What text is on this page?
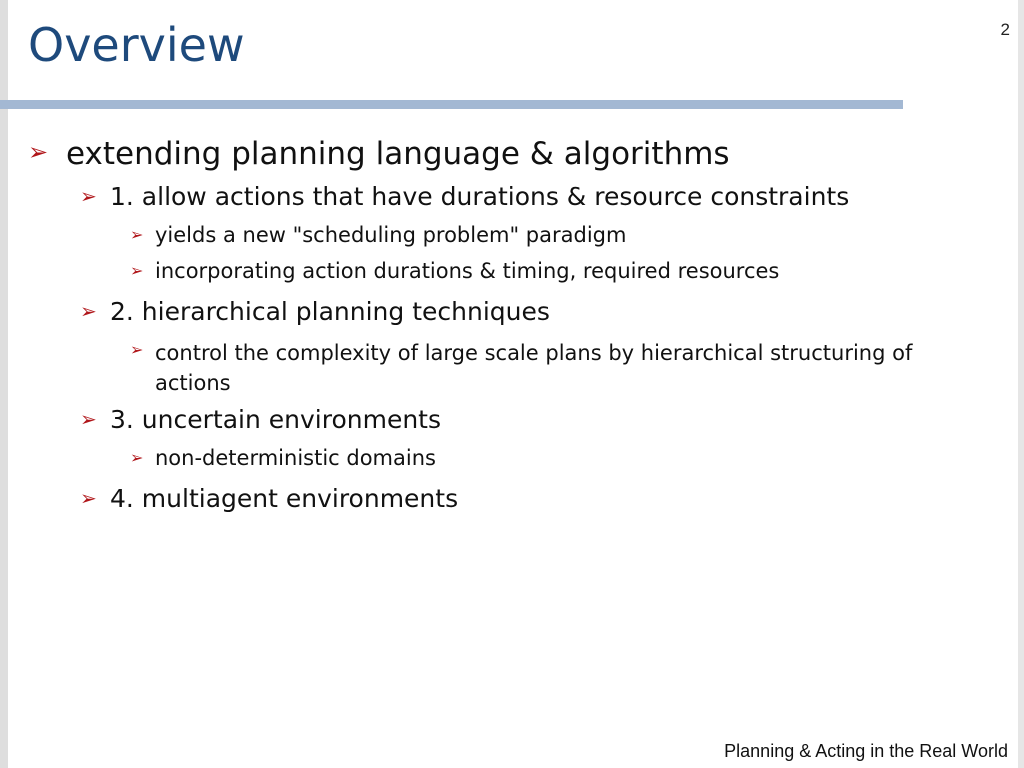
Overview	2
➢ extending planning language & algorithms
➢ 1. allow actions that have durations & resource constraints
➢ yields a new "scheduling problem" paradigm
➢ incorporating action durations & timing, required resources
➢ 2. hierarchical planning techniques
➢ control the complexity of large scale plans by hierarchical structuring of actions
➢ 3. uncertain environments
➢ non-deterministic domains
➢ 4. multiagent environments
Planning & Acting in the Real World
